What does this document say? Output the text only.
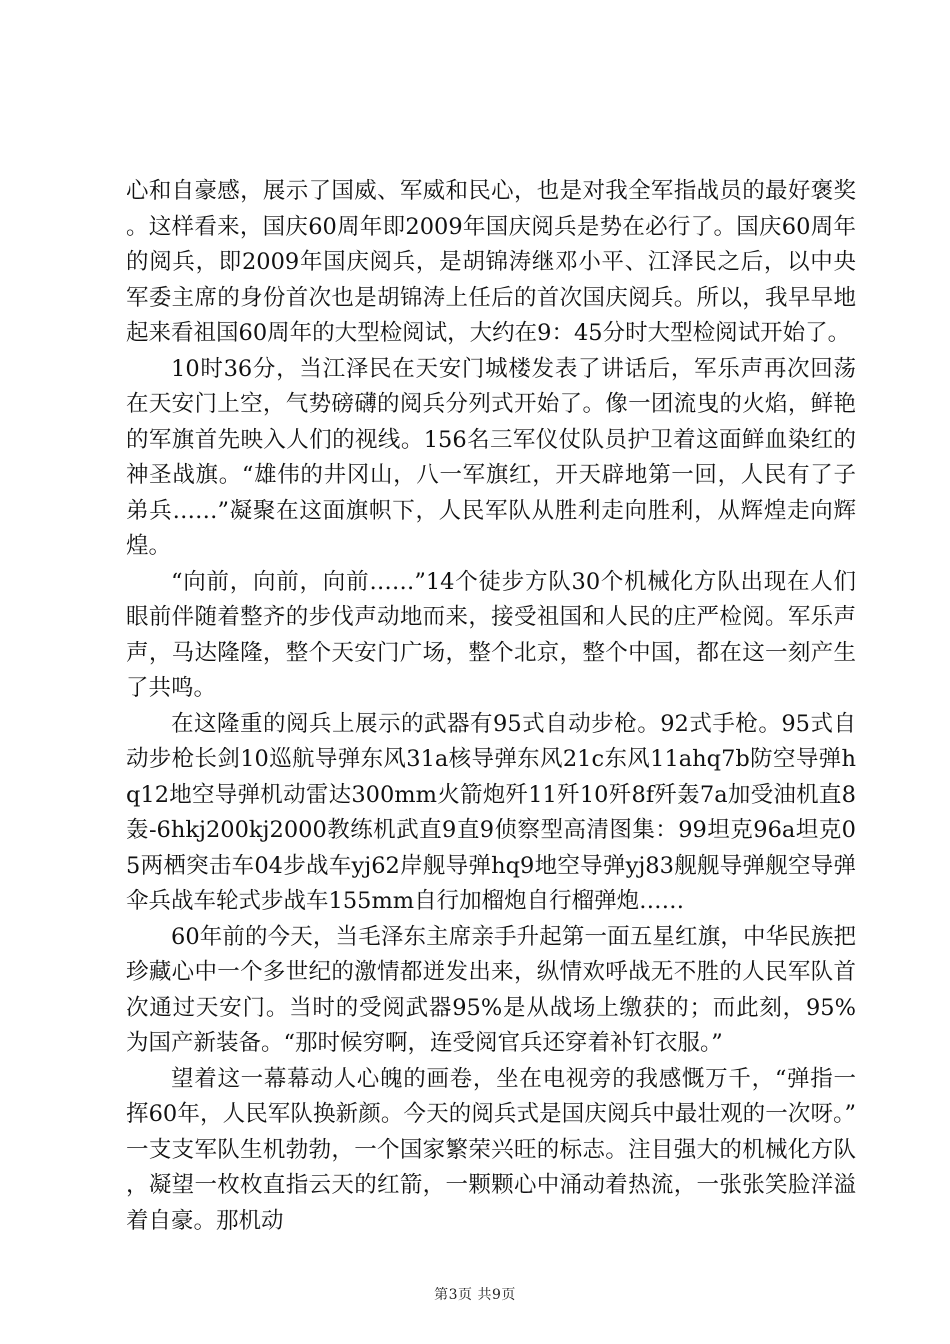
心和自豪感，展示了国威、军威和民心，也是对我全军指战员的最好褒奖。这样看来，国庆60周年即2009年国庆阅兵是势在必行了。国庆60周年的阅兵，即2009年国庆阅兵，是胡锦涛继邓小平、江泽民之后，以中央军委主席的身份首次也是胡锦涛上任后的首次国庆阅兵。所以，我早早地起来看祖国60周年的大型检阅试，大约在9：45分时大型检阅试开始了。

10时36分，当江泽民在天安门城楼发表了讲话后，军乐声再次回荡在天安门上空，气势磅礴的阅兵分列式开始了。像一团流曳的火焰，鲜艳的军旗首先映入人们的视线。156名三军仪仗队员护卫着这面鲜血染红的神圣战旗。“雄伟的井冈山，八一军旗红，开天辟地第一回，人民有了子弟兵……”凝聚在这面旗帜下，人民军队从胜利走向胜利，从辉煌走向辉煌。

“向前，向前，向前……”14个徒步方队30个机械化方队出现在人们眼前伴随着整齐的步伐声动地而来，接受祖国和人民的庄严检阅。军乐声声，马达隆隆，整个天安门广场，整个北京，整个中国，都在这一刻产生了共鸣。

在这隆重的阅兵上展示的武器有95式自动步枪。92式手枪。95式自动步枪长剑10巡航导弹东风31a核导弹东风21c东风11ahq7b防空导弹hq12地空导弹机动雷达300mm火箭炮歼11歼10歼8f歼轰7a加受油机直8轰-6hkj200kj2000教练机武直9直9侦察型高清图集：99坦克96a坦克05两栖突击车04步战车yj62岸舰导弹hq9地空导弹yj83舰舰导弹舰空导弹伞兵战车轮式步战车155mm自行加榴炮自行榴弹炮……

60年前的今天，当毛泽东主席亲手升起第一面五星红旗，中华民族把珍藏心中一个多世纪的激情都迸发出来，纵情欢呼战无不胜的人民军队首次通过天安门。当时的受阅武器95%是从战场上缴获的；而此刻，95%为国产新装备。“那时候穷啊，连受阅官兵还穿着补钉衣服。”

望着这一幕幕动人心魄的画卷，坐在电视旁的我感慨万千，“弹指一挥60年，人民军队换新颜。今天的阅兵式是国庆阅兵中最壮观的一次呀。”一支支军队生机勃勃，一个国家繁荣兴旺的标志。注目强大的机械化方队，凝望一枚枚直指云天的红箭，一颗颗心中涌动着热流，一张张笑脸洋溢着自豪。那机动

第3页 共9页
